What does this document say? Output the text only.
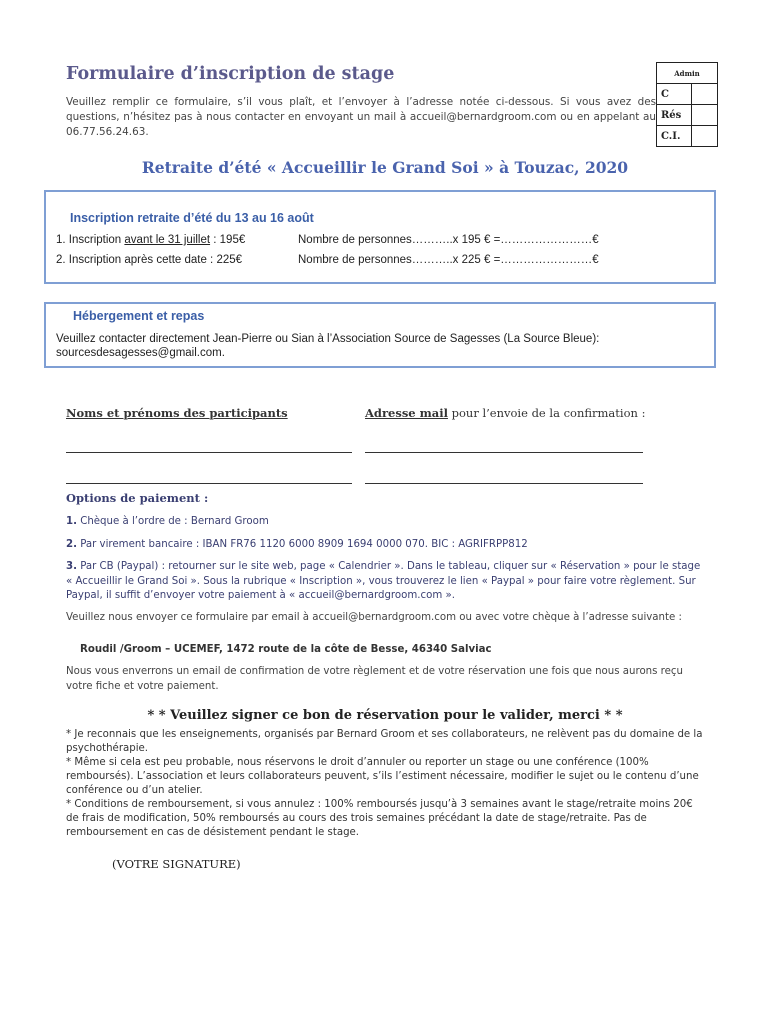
Formulaire d’inscription de stage
Veuillez remplir ce formulaire, s’il vous plaît, et l’envoyer à l’adresse notée ci-dessous. Si vous avez des questions, n’hésitez pas à nous contacter en envoyant un mail à accueil@bernardgroom.com ou en appelant au 06.77.56.24.63.
Admin	
C	
Rés	
C.I.	
Retraite d’été « Accueillir le Grand Soi » à Touzac, 2020
Inscription retraite d’été du 13 au 16 août
1. Inscription avant le 31 juillet : 195€	Nombre de personnes………..x 195 € =……………………€
2. Inscription après cette date : 225€	Nombre de personnes………..x 225 € =……………………€
Hébergement et repas
Veuillez contacter directement Jean-Pierre ou Sian à l’Association Source de Sagesses (La Source Bleue): sourcesdesagesses@gmail.com.
Noms et prénoms des participants	Adresse mail pour l’envoie de la confirmation :
Options de paiement :
1. Chèque à l’ordre de : Bernard Groom
2. Par virement bancaire : IBAN FR76 1120 6000 8909 1694 0000 070. BIC : AGRIFRPP812
3. Par CB (Paypal) : retourner sur le site web, page « Calendrier ». Dans le tableau, cliquer sur « Réservation » pour le stage « Accueillir le Grand Soi ». Sous la rubrique « Inscription », vous trouverez le lien « Paypal » pour faire votre règlement. Sur Paypal, il suffit d’envoyer votre paiement à « accueil@bernardgroom.com ».
Veuillez nous envoyer ce formulaire par email à accueil@bernardgroom.com ou avec votre chèque à l’adresse suivante :
Roudil /Groom – UCEMEF, 1472 route de la côte de Besse, 46340 Salviac
Nous vous enverrons un email de confirmation de votre règlement et de votre réservation une fois que nous aurons reçu votre fiche et votre paiement.
* * Veuillez signer ce bon de réservation pour le valider, merci * *
* Je reconnais que les enseignements, organisés par Bernard Groom et ses collaborateurs, ne relèvent pas du domaine de la psychothérapie.
* Même si cela est peu probable, nous réservons le droit d’annuler ou reporter un stage ou une conférence (100% remboursés). L’association et leurs collaborateurs peuvent, s’ils l’estiment nécessaire, modifier le sujet ou le contenu d’une conférence ou d’un atelier.
* Conditions de remboursement, si vous annulez : 100% remboursés jusqu’à 3 semaines avant le stage/retraite moins 20€ de frais de modification, 50% remboursés au cours des trois semaines précédant la date de stage/retraite. Pas de remboursement en cas de désistement pendant le stage.
(VOTRE SIGNATURE)
